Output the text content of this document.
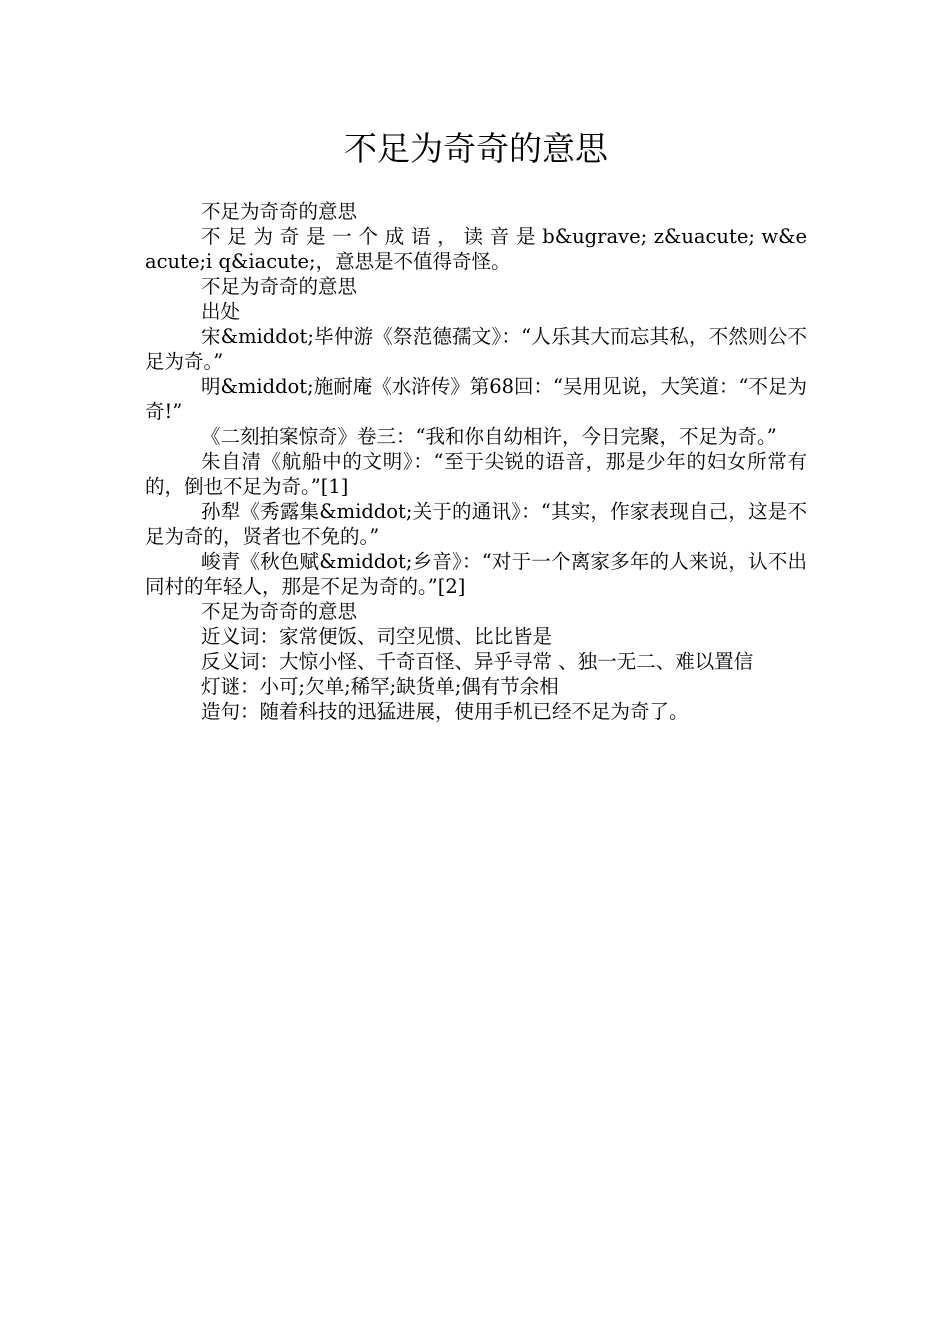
不足为奇奇的意思

不足为奇奇的意思

不 足 为 奇 是 一 个 成 语 ， 读 音 是 b&ugrave; z&uacute; w&eacute;i q&iacute;，意思是不值得奇怪。

不足为奇奇的意思

出处

宋&middot;毕仲游《祭范德孺文》：“人乐其大而忘其私，不然则公不足为奇。”

明&middot;施耐庵《水浒传》第68回：“吴用见说，大笑道：“不足为奇!”

《二刻拍案惊奇》卷三：“我和你自幼相许，今日完聚，不足为奇。”

朱自清《航船中的文明》：“至于尖锐的语音，那是少年的妇女所常有的，倒也不足为奇。”[1]

孙犁《秀露集&middot;关于的通讯》：“其实，作家表现自己，这是不足为奇的，贤者也不免的。”

峻青《秋色赋&middot;乡音》：“对于一个离家多年的人来说，认不出同村的年轻人，那是不足为奇的。”[2]

不足为奇奇的意思

近义词：家常便饭、司空见惯、比比皆是

反义词：大惊小怪、千奇百怪、异乎寻常 、独一无二、难以置信

灯谜：小可;欠单;稀罕;缺货单;偶有节余相

造句：随着科技的迅猛进展，使用手机已经不足为奇了。
